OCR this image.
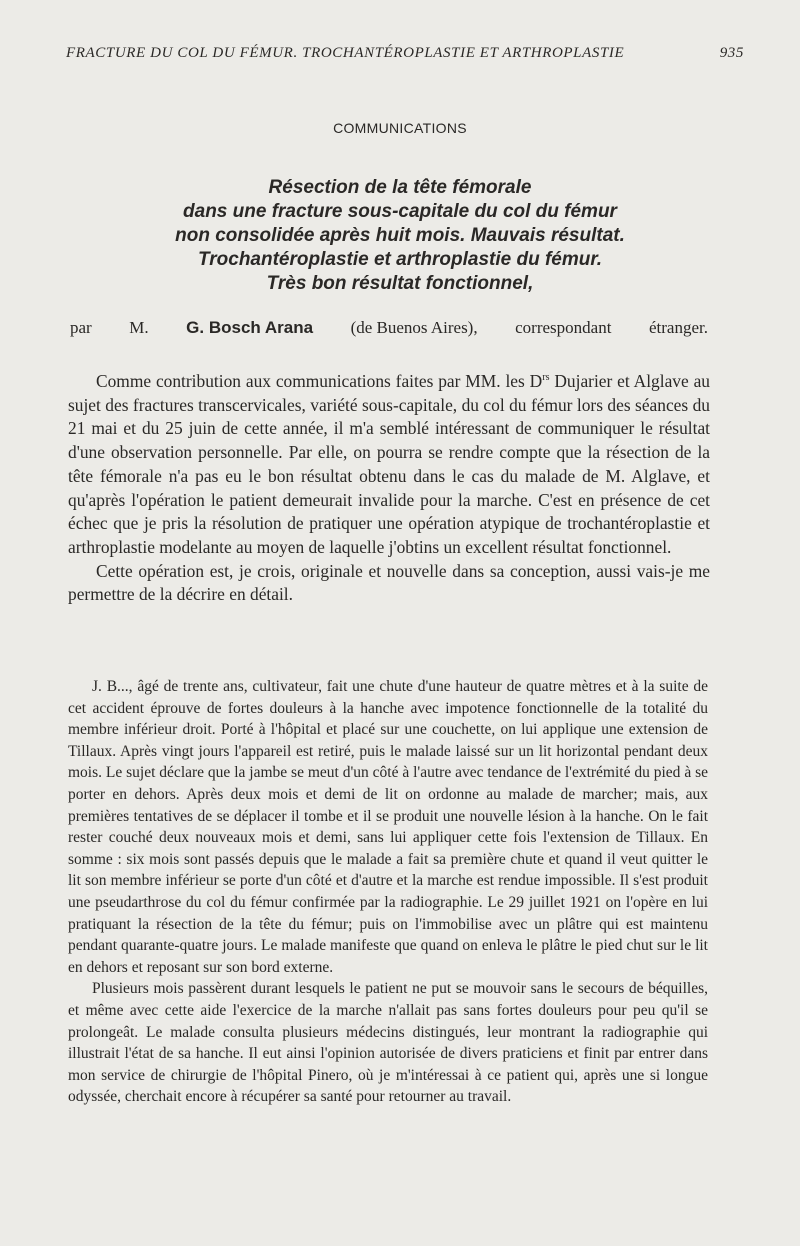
FRACTURE DU COL DU FÉMUR. TROCHANTÉROPLASTIE ET ARTHROPLASTIE	935
COMMUNICATIONS
Résection de la tête fémorale
dans une fracture sous-capitale du col du fémur
non consolidée après huit mois. Mauvais résultat.
Trochantéroplastie et arthroplastie du fémur.
Très bon résultat fonctionnel,
par M. G. Bosch Arana (de Buenos Aires), correspondant étranger.

Comme contribution aux communications faites par MM. les $D^{rs}$ Dujarier et Alglave au sujet des fractures transcervicales, variété sous-capitale, du col du fémur lors des séances du 21 mai et du 25 juin de cette année, il m'a semblé intéressant de communiquer le résultat d'une observation personnelle. Par elle, on pourra se rendre compte que la résection de la tête fémorale n'a pas eu le bon résultat obtenu dans le cas du malade de M. Alglave, et qu'après l'opération le patient demeurait invalide pour la marche. C'est en présence de cet échec que je pris la résolution de pratiquer une opération atypique de trochantéroplastie et arthroplastie modelante au moyen de laquelle j'obtins un excellent résultat fonctionnel.

Cette opération est, je crois, originale et nouvelle dans sa conception, aussi vais-je me permettre de la décrire en détail.

J. B..., âgé de trente ans, cultivateur, fait une chute d'une hauteur de quatre mètres et à la suite de cet accident éprouve de fortes douleurs à la hanche avec impotence fonctionnelle de la totalité du membre inférieur droit. Porté à l'hôpital et placé sur une couchette, on lui applique une extension de Tillaux. Après vingt jours l'appareil est retiré, puis le malade laissé sur un lit horizontal pendant deux mois. Le sujet déclare que la jambe se meut d'un côté à l'autre avec tendance de l'extrémité du pied à se porter en dehors. Après deux mois et demi de lit on ordonne au malade de marcher; mais, aux premières tentatives de se déplacer il tombe et il se produit une nouvelle lésion à la hanche. On le fait rester couché deux nouveaux mois et demi, sans lui appliquer cette fois l'extension de Tillaux. En somme : six mois sont passés depuis que le malade a fait sa première chute et quand il veut quitter le lit son membre inférieur se porte d'un côté et d'autre et la marche est rendue impossible. Il s'est produit une pseudarthrose du col du fémur confirmée par la radiographie. Le 29 juillet 1921 on l'opère en lui pratiquant la résection de la tête du fémur; puis on l'immobilise avec un plâtre qui est maintenu pendant quarante-quatre jours. Le malade manifeste que quand on enleva le plâtre le pied chut sur le lit en dehors et reposant sur son bord externe.

Plusieurs mois passèrent durant lesquels le patient ne put se mouvoir sans le secours de béquilles, et même avec cette aide l'exercice de la marche n'allait pas sans fortes douleurs pour peu qu'il se prolongeât. Le malade consulta plusieurs médecins distingués, leur montrant la radiographie qui illustrait l'état de sa hanche. Il eut ainsi l'opinion autorisée de divers praticiens et finit par entrer dans mon service de chirurgie de l'hôpital Pinero, où je m'intéressai à ce patient qui, après une si longue odyssée, cherchait encore à récupérer sa santé pour retourner au travail.
